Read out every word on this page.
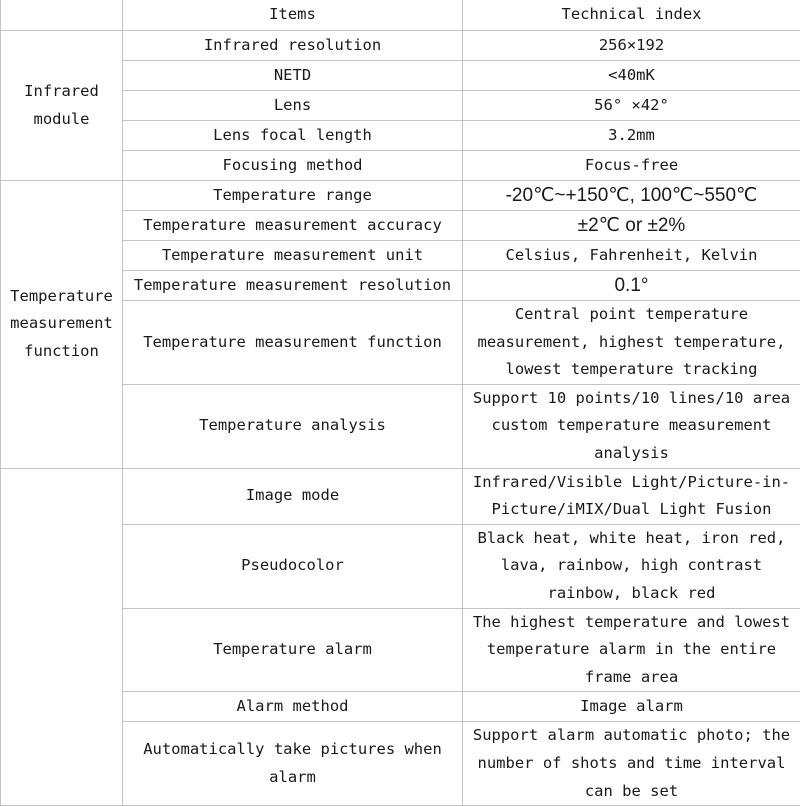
	Items	Technical index
Infrared module	Infrared resolution	256×192
	NETD	<40mK
	Lens	56° ×42°
	Lens focal length	3.2mm
	Focusing method	Focus-free
Temperature measurement function	Temperature range	-20℃~+150℃, 100℃~550℃
	Temperature measurement accuracy	±2℃ or ±2%
	Temperature measurement unit	Celsius, Fahrenheit, Kelvin
	Temperature measurement resolution	0.1°
	Temperature measurement function	Central point temperature measurement, highest temperature, lowest temperature tracking
	Temperature analysis	Support 10 points/10 lines/10 area custom temperature measurement analysis
	Image mode	Infrared/Visible Light/Picture-in-Picture/iMIX/Dual Light Fusion
	Pseudocolor	Black heat, white heat, iron red, lava, rainbow, high contrast rainbow, black red
	Temperature alarm	The highest temperature and lowest temperature alarm in the entire frame area
	Alarm method	Image alarm
	Automatically take pictures when alarm	Support alarm automatic photo; the number of shots and time interval can be set
